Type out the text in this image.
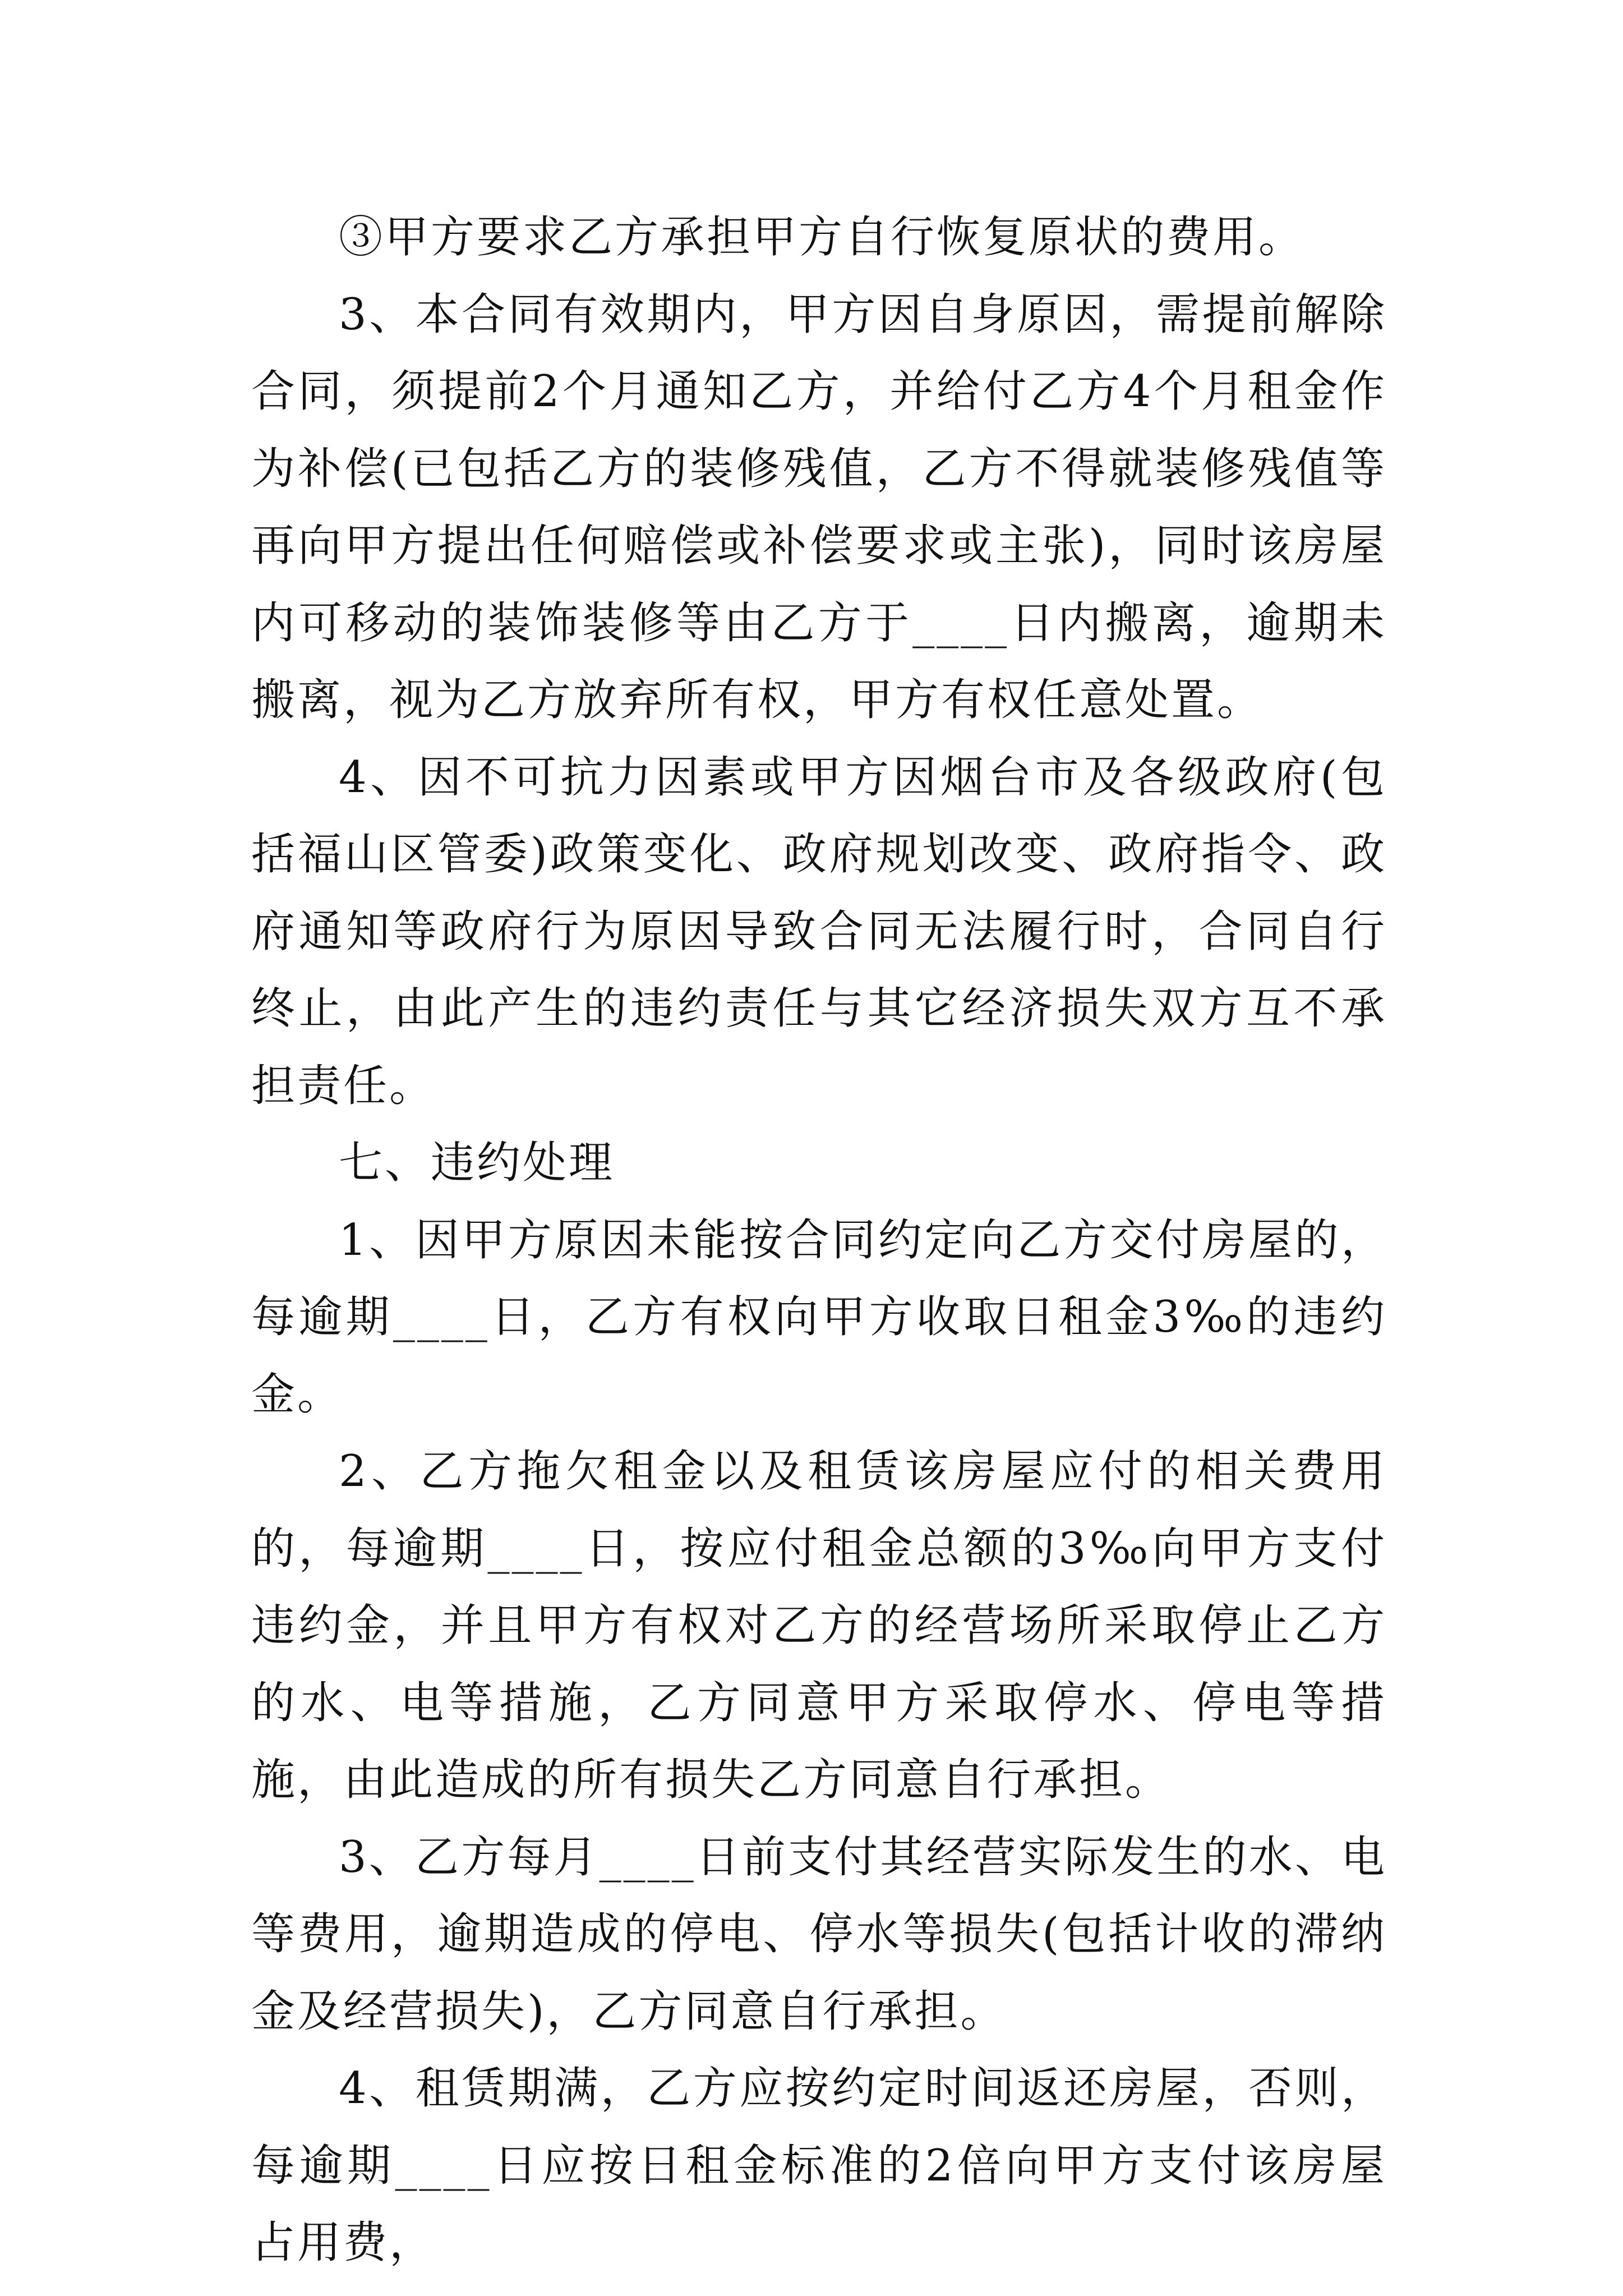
③甲方要求乙方承担甲方自行恢复原状的费用。

3、本合同有效期内，甲方因自身原因，需提前解除合同，须提前2个月通知乙方，并给付乙方4个月租金作为补偿(已包括乙方的装修残值，乙方不得就装修残值等再向甲方提出任何赔偿或补偿要求或主张)，同时该房屋内可移动的装饰装修等由乙方于____日内搬离，逾期未搬离，视为乙方放弃所有权，甲方有权任意处置。

4、因不可抗力因素或甲方因烟台市及各级政府(包括福山区管委)政策变化、政府规划改变、政府指令、政府通知等政府行为原因导致合同无法履行时，合同自行终止，由此产生的违约责任与其它经济损失双方互不承担责任。

七、违约处理

1、因甲方原因未能按合同约定向乙方交付房屋的，每逾期____日，乙方有权向甲方收取日租金3‰的违约金。

2、乙方拖欠租金以及租赁该房屋应付的相关费用的，每逾期____日，按应付租金总额的3‰向甲方支付违约金，并且甲方有权对乙方的经营场所采取停止乙方的水、电等措施，乙方同意甲方采取停水、停电等措施，由此造成的所有损失乙方同意自行承担。

3、乙方每月____日前支付其经营实际发生的水、电等费用，逾期造成的停电、停水等损失(包括计收的滞纳金及经营损失)，乙方同意自行承担。

4、租赁期满，乙方应按约定时间返还房屋，否则，每逾期____日应按日租金标准的2倍向甲方支付该房屋占用费，
